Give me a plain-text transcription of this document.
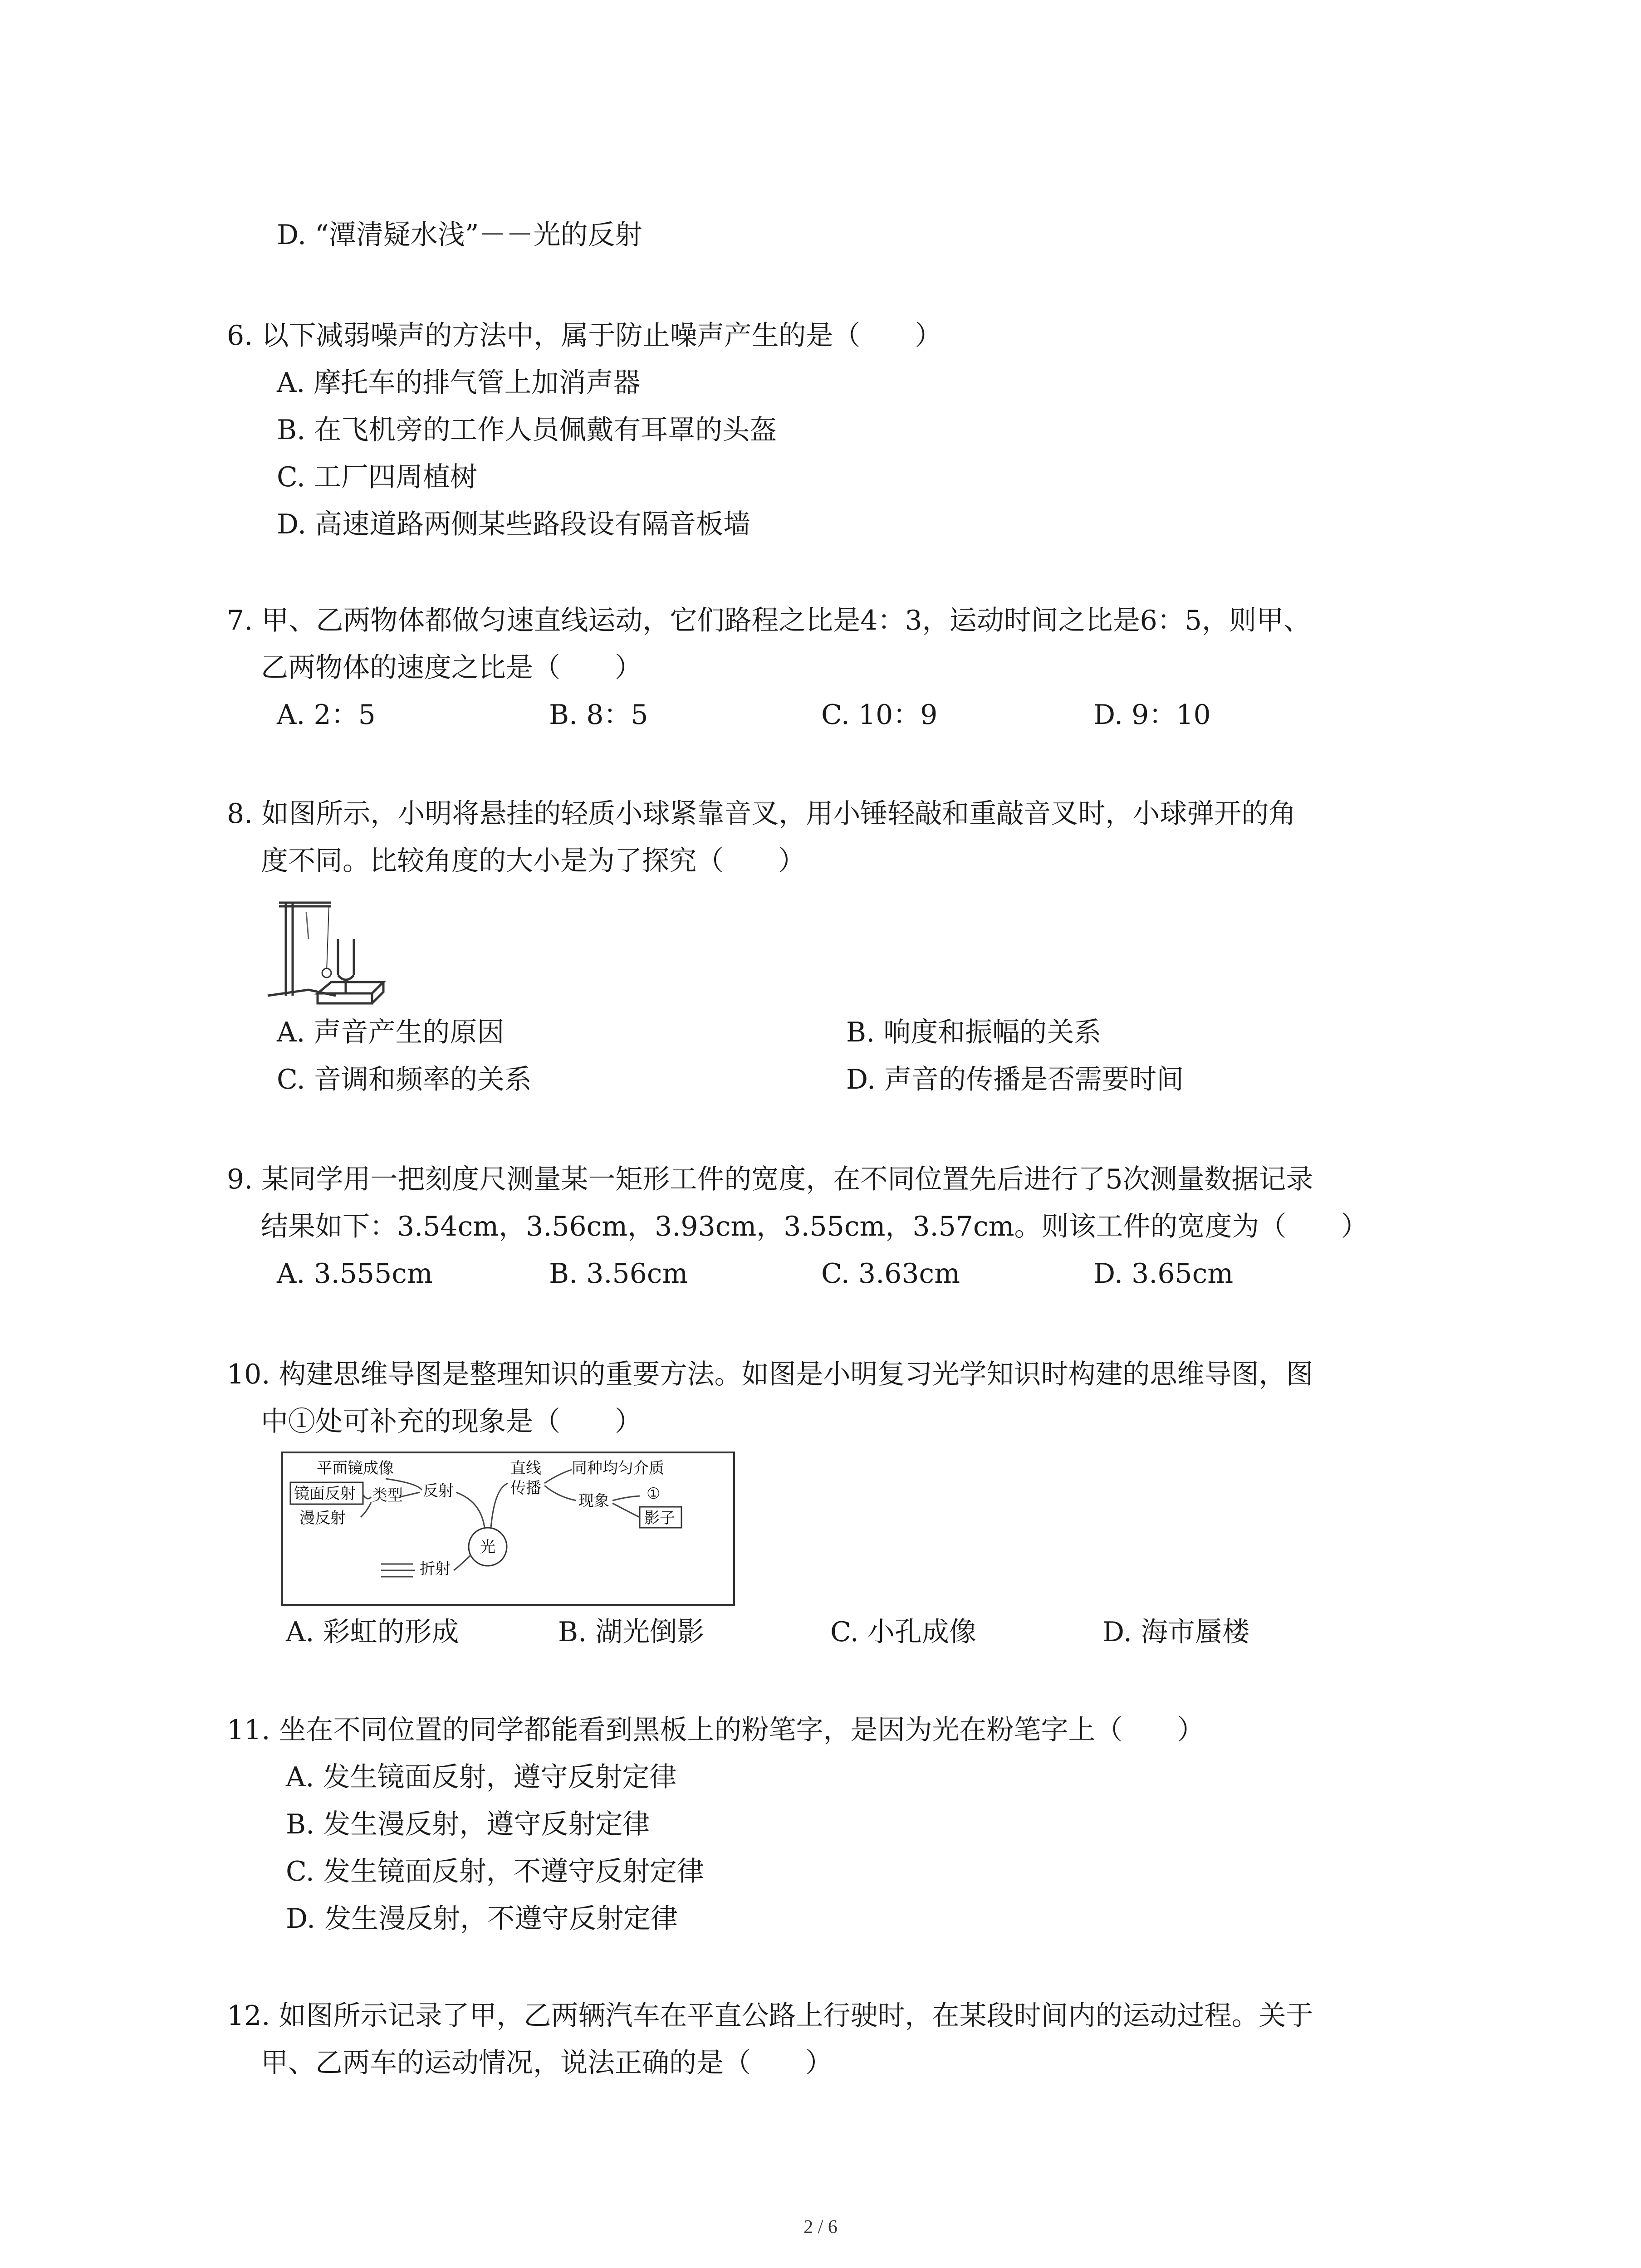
D. “潭清疑水浅”－－光的反射
6. 以下减弱噪声的方法中，属于防止噪声产生的是（　　）
A. 摩托车的排气管上加消声器
B. 在飞机旁的工作人员佩戴有耳罩的头盔
C. 工厂四周植树
D. 高速道路两侧某些路段设有隔音板墙
7. 甲、乙两物体都做匀速直线运动，它们路程之比是4：3，运动时间之比是6：5，则甲、
乙两物体的速度之比是（　　）
A. 2：5	B. 8：5	C. 10：9	D. 9：10
8. 如图所示，小明将悬挂的轻质小球紧靠音叉，用小锤轻敲和重敲音叉时，小球弹开的角
度不同。比较角度的大小是为了探究（　　）
A. 声音产生的原因	B. 响度和振幅的关系
C. 音调和频率的关系	D. 声音的传播是否需要时间
9. 某同学用一把刻度尺测量某一矩形工件的宽度，在不同位置先后进行了5次测量数据记录
结果如下：3.54cm，3.56cm，3.93cm，3.55cm，3.57cm。则该工件的宽度为（　　）
A. 3.555cm	B. 3.56cm	C. 3.63cm	D. 3.65cm
10. 构建思维导图是整理知识的重要方法。如图是小明复习光学知识时构建的思维导图，图
中①处可补充的现象是（　　）
平面镜成像
镜面反射
漫反射
类型 反射
直线
传播
同种均匀介质
现象 ①
影子
光
折射
A. 彩虹的形成	B. 湖光倒影	C. 小孔成像	D. 海市蜃楼
11. 坐在不同位置的同学都能看到黑板上的粉笔字，是因为光在粉笔字上（　　）
A. 发生镜面反射，遵守反射定律
B. 发生漫反射，遵守反射定律
C. 发生镜面反射，不遵守反射定律
D. 发生漫反射，不遵守反射定律
12. 如图所示记录了甲，乙两辆汽车在平直公路上行驶时，在某段时间内的运动过程。关于
甲、乙两车的运动情况，说法正确的是（　　）
2 / 6
